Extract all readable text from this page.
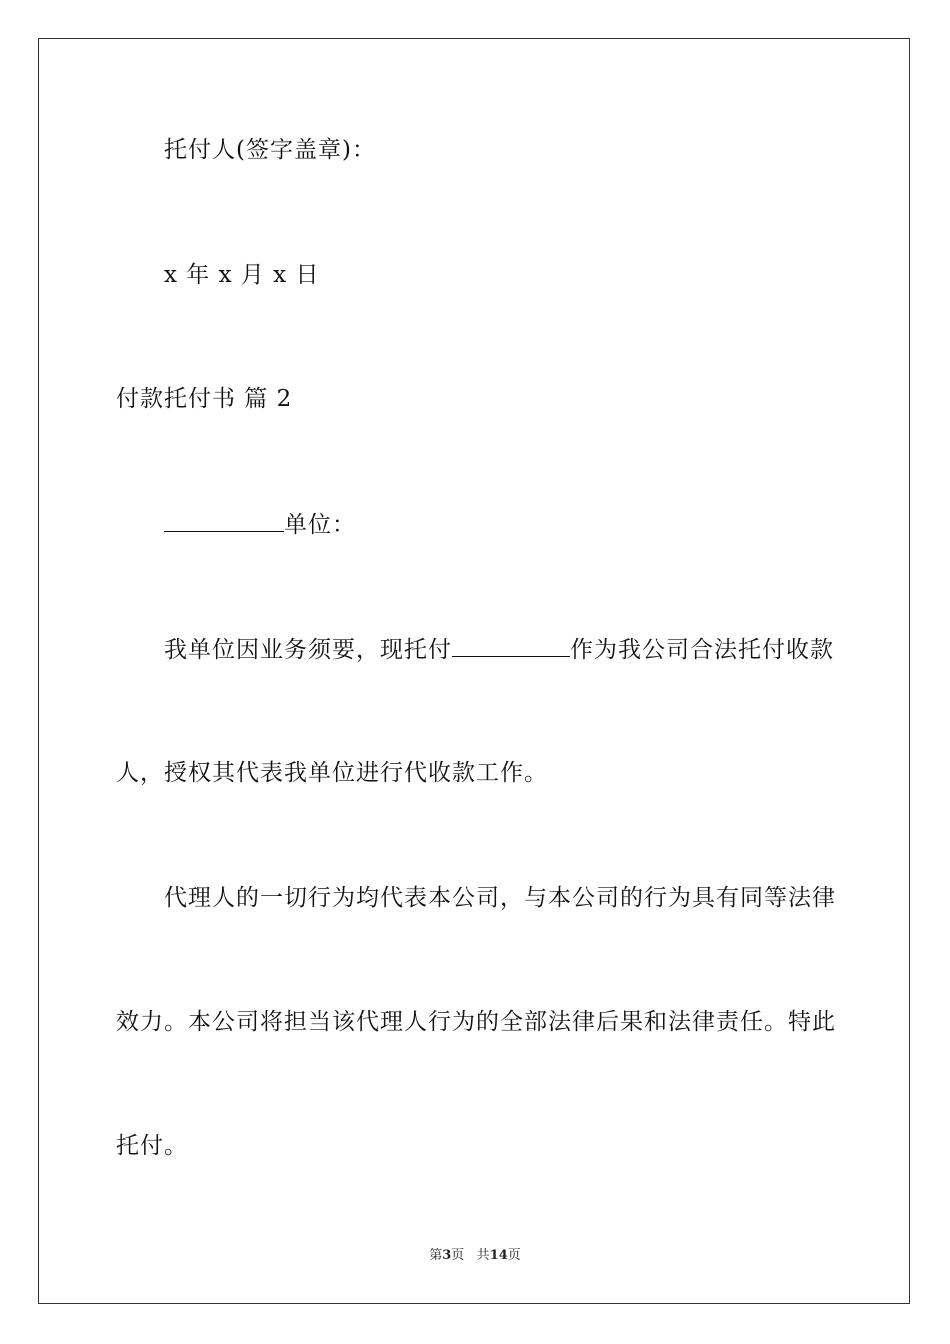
托付人(签字盖章)：
x 年 x 月 x 日
付款托付书 篇 2
单位：
我单位因业务须要，现托付	作为我公司合法托付收款
人，授权其代表我单位进行代收款工作。
代理人的一切行为均代表本公司，与本公司的行为具有同等法律
效力。本公司将担当该代理人行为的全部法律后果和法律责任。特此
托付。
第3页 共14页
